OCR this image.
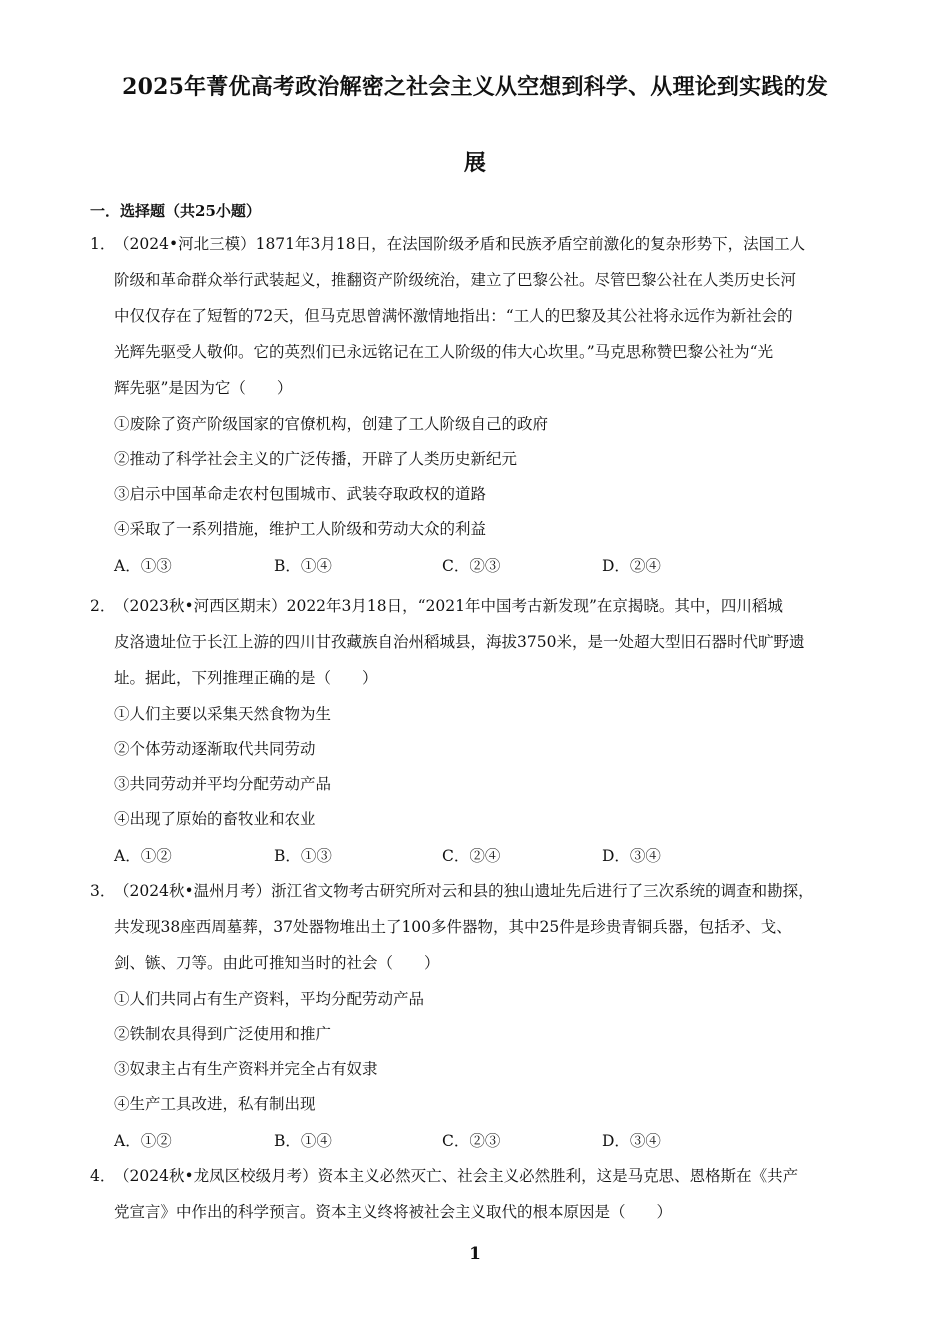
2025年菁优高考政治解密之社会主义从空想到科学、从理论到实践的发
展
一．选择题（共25小题）
1．
（2024•河北三模）1871年3月18日，在法国阶级矛盾和民族矛盾空前激化的复杂形势下，法国工人
阶级和革命群众举行武装起义，推翻资产阶级统治，建立了巴黎公社。尽管巴黎公社在人类历史长河
中仅仅存在了短暂的72天，但马克思曾满怀激情地指出：“工人的巴黎及其公社将永远作为新社会的
光辉先驱受人敬仰。它的英烈们已永远铭记在工人阶级的伟大心坎里。”马克思称赞巴黎公社为“光
辉先驱”是因为它（　　）
①废除了资产阶级国家的官僚机构，创建了工人阶级自己的政府
②推动了科学社会主义的广泛传播，开辟了人类历史新纪元
③启示中国革命走农村包围城市、武装夺取政权的道路
④采取了一系列措施，维护工人阶级和劳动大众的利益
A．①③	B．①④	C．②③	D．②④
2．
（2023秋•河西区期末）2022年3月18日，“2021年中国考古新发现”在京揭晓。其中，四川稻城
皮洛遗址位于长江上游的四川甘孜藏族自治州稻城县，海拔3750米，是一处超大型旧石器时代旷野遗
址。据此，下列推理正确的是（　　）
①人们主要以采集天然食物为生
②个体劳动逐渐取代共同劳动
③共同劳动并平均分配劳动产品
④出现了原始的畜牧业和农业
A．①②	B．①③	C．②④	D．③④
3．
（2024秋•温州月考）浙江省文物考古研究所对云和县的独山遗址先后进行了三次系统的调查和勘探，
共发现38座西周墓葬，37处器物堆出土了100多件器物，其中25件是珍贵青铜兵器，包括矛、戈、
剑、镞、刀等。由此可推知当时的社会（　　）
①人们共同占有生产资料，平均分配劳动产品
②铁制农具得到广泛使用和推广
③奴隶主占有生产资料并完全占有奴隶
④生产工具改进，私有制出现
A．①②	B．①④	C．②③	D．③④
4．
（2024秋•龙凤区校级月考）资本主义必然灭亡、社会主义必然胜利，这是马克思、恩格斯在《共产
党宣言》中作出的科学预言。资本主义终将被社会主义取代的根本原因是（　　）
1
